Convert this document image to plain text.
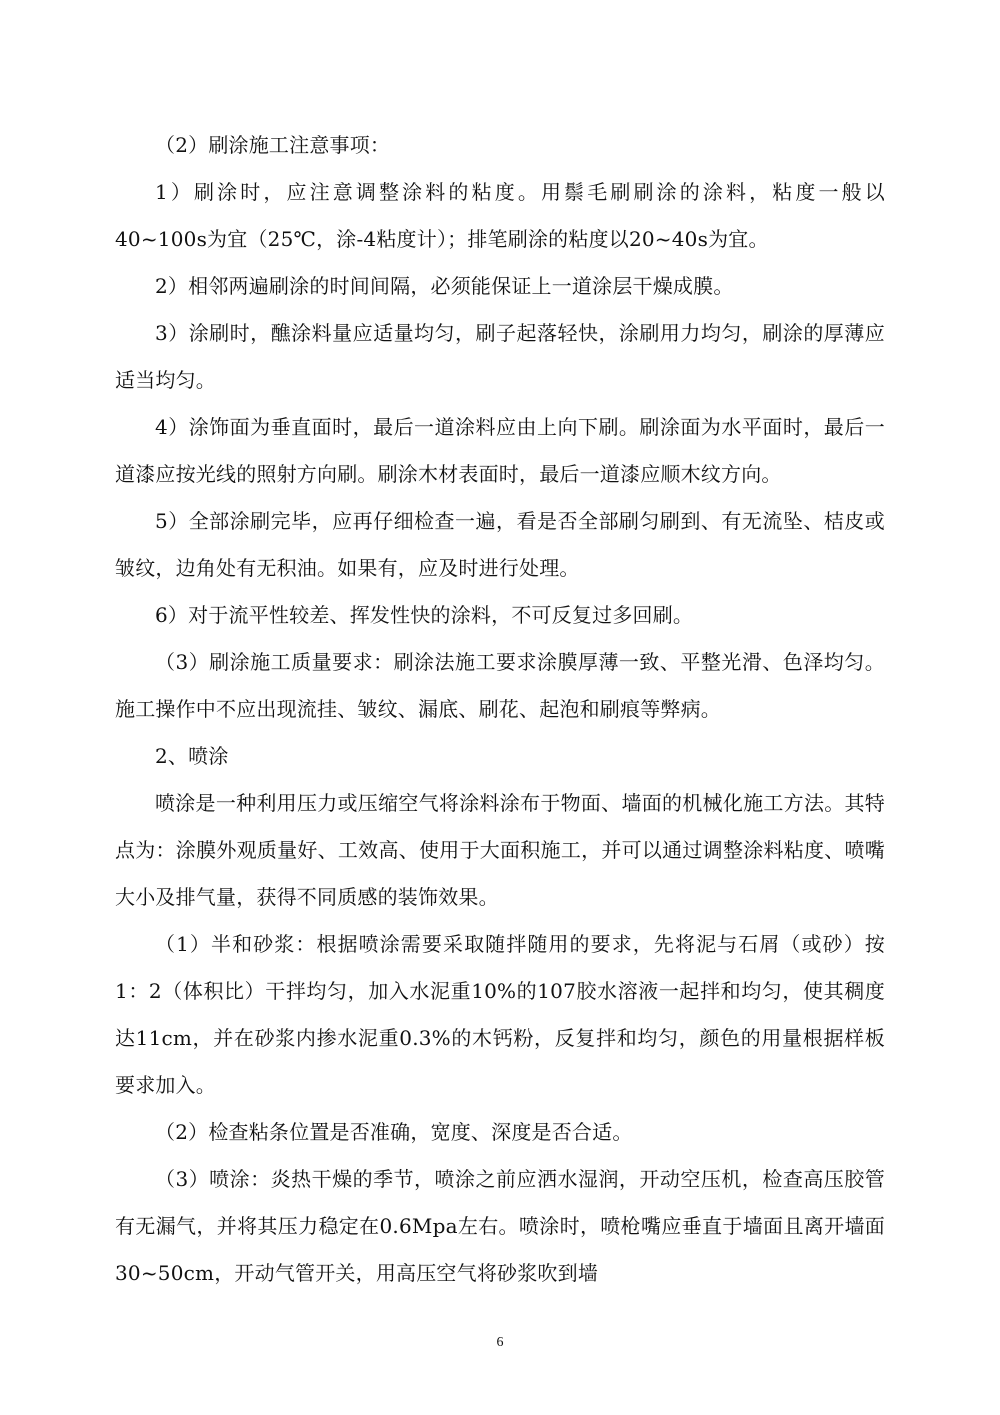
（2）刷涂施工注意事项：

1）刷涂时，应注意调整涂料的粘度。用鬃毛刷刷涂的涂料，粘度一般以40~100s为宜（25℃，涂-4粘度计）；排笔刷涂的粘度以20~40s为宜。

2）相邻两遍刷涂的时间间隔，必须能保证上一道涂层干燥成膜。

3）涂刷时，醮涂料量应适量均匀，刷子起落轻快，涂刷用力均匀，刷涂的厚薄应适当均匀。

4）涂饰面为垂直面时，最后一道涂料应由上向下刷。刷涂面为水平面时，最后一道漆应按光线的照射方向刷。刷涂木材表面时，最后一道漆应顺木纹方向。

5）全部涂刷完毕，应再仔细检查一遍，看是否全部刷匀刷到、有无流坠、桔皮或皱纹，边角处有无积油。如果有，应及时进行处理。

6）对于流平性较差、挥发性快的涂料，不可反复过多回刷。

（3）刷涂施工质量要求：刷涂法施工要求涂膜厚薄一致、平整光滑、色泽均匀。施工操作中不应出现流挂、皱纹、漏底、刷花、起泡和刷痕等弊病。

2、喷涂

喷涂是一种利用压力或压缩空气将涂料涂布于物面、墙面的机械化施工方法。其特点为：涂膜外观质量好、工效高、使用于大面积施工，并可以通过调整涂料粘度、喷嘴大小及排气量，获得不同质感的装饰效果。

（1）半和砂浆：根据喷涂需要采取随拌随用的要求，先将泥与石屑（或砂）按1：2（体积比）干拌均匀，加入水泥重10%的107胶水溶液一起拌和均匀，使其稠度达11cm，并在砂浆内掺水泥重0.3%的木钙粉，反复拌和均匀，颜色的用量根据样板要求加入。

（2）检查粘条位置是否准确，宽度、深度是否合适。

（3）喷涂：炎热干燥的季节，喷涂之前应洒水湿润，开动空压机，检查高压胶管有无漏气，并将其压力稳定在0.6Mpa左右。喷涂时，喷枪嘴应垂直于墙面且离开墙面30~50cm，开动气管开关，用高压空气将砂浆吹到墙

6
